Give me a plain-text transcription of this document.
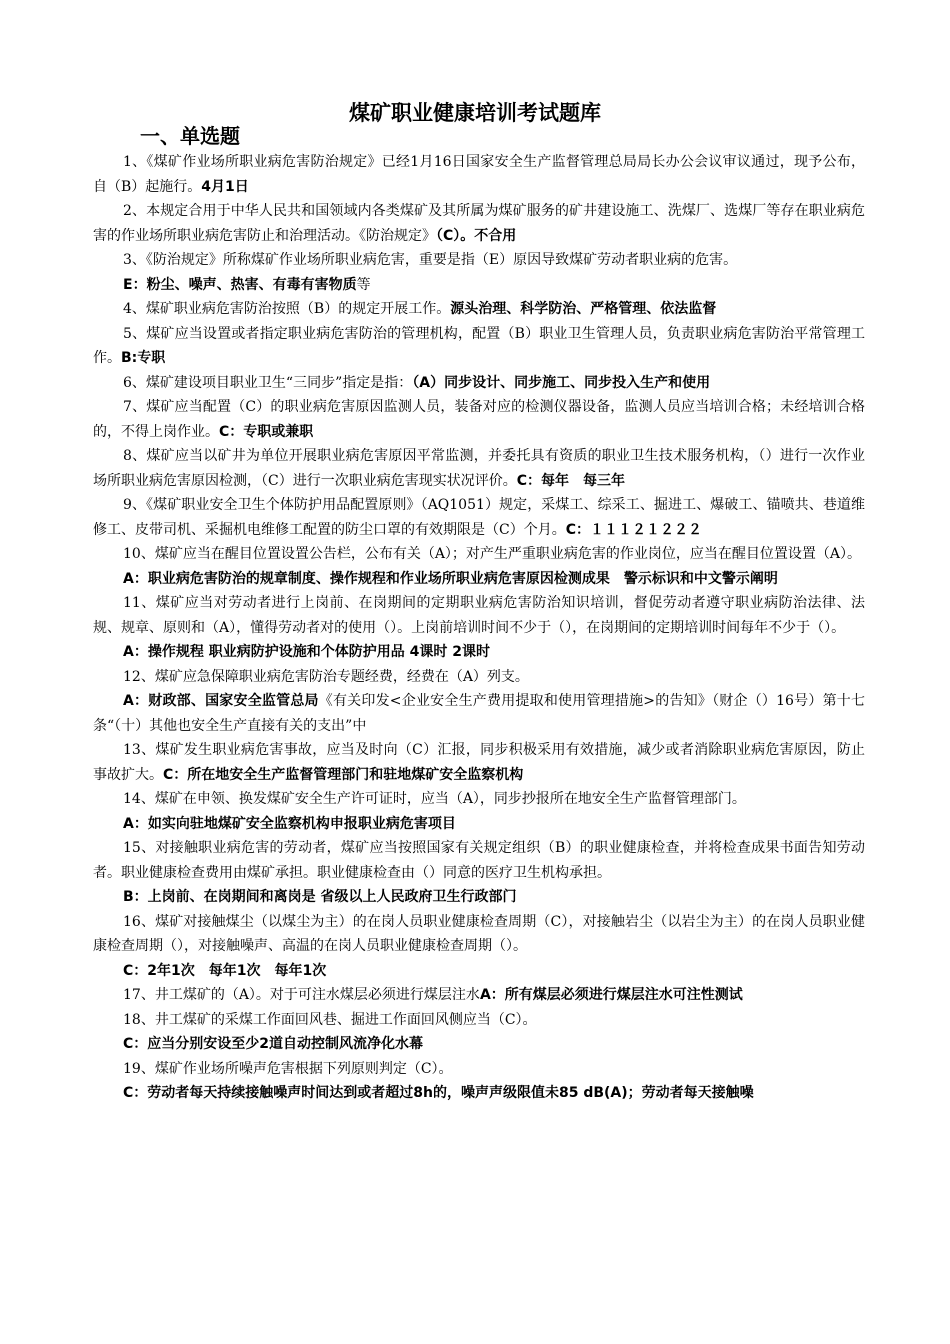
煤矿职业健康培训考试题库
一、单选题

1、《煤矿作业场所职业病危害防治规定》已经1月16日国家安全生产监督管理总局局长办公会议审议通过，现予公布，自（B）起施行。4月1日

2、本规定合用于中华人民共和国领域内各类煤矿及其所属为煤矿服务的矿井建设施工、洗煤厂、选煤厂等存在职业病危害的作业场所职业病危害防止和治理活动。《防治规定》（C）。不合用

3、《防治规定》所称煤矿作业场所职业病危害，重要是指（E）原因导致煤矿劳动者职业病的危害。

E：粉尘、噪声、热害、有毒有害物质等

4、煤矿职业病危害防治按照（B）的规定开展工作。源头治理、科学防治、严格管理、依法监督

5、煤矿应当设置或者指定职业病危害防治的管理机构，配置（B）职业卫生管理人员，负责职业病危害防治平常管理工作。B:专职

6、煤矿建设项目职业卫生“三同步”指定是指：（A）同步设计、同步施工、同步投入生产和使用

7、煤矿应当配置（C）的职业病危害原因监测人员，装备对应的检测仪器设备，监测人员应当培训合格；未经培训合格的，不得上岗作业。C：专职或兼职

8、煤矿应当以矿井为单位开展职业病危害原因平常监测，并委托具有资质的职业卫生技术服务机构，（）进行一次作业场所职业病危害原因检测，（C）进行一次职业病危害现实状况评价。C：每年　每三年

9、《煤矿职业安全卫生个体防护用品配置原则》（AQ1051）规定，采煤工、综采工、掘进工、爆破工、锚喷共、巷道维修工、皮带司机、采掘机电维修工配置的防尘口罩的有效期限是（C）个月。C：１１１２１２２２

10、煤矿应当在醒目位置设置公告栏，公布有关（A）；对产生严重职业病危害的作业岗位，应当在醒目位置设置（A）。

A：职业病危害防治的规章制度、操作规程和作业场所职业病危害原因检测成果　警示标识和中文警示阐明

11、煤矿应当对劳动者进行上岗前、在岗期间的定期职业病危害防治知识培训，督促劳动者遵守职业病防治法律、法规、规章、原则和（A），懂得劳动者对的使用（）。上岗前培训时间不少于（），在岗期间的定期培训时间每年不少于（）。

A：操作规程 职业病防护设施和个体防护用品 4课时 2课时

12、煤矿应急保障职业病危害防治专题经费，经费在（A）列支。

A：财政部、国家安全监管总局《有关印发<企业安全生产费用提取和使用管理措施>的告知》（财企（）16号）第十七条“（十）其他也安全生产直接有关的支出”中

13、煤矿发生职业病危害事故，应当及时向（C）汇报，同步积极采用有效措施，减少或者消除职业病危害原因，防止事故扩大。C：所在地安全生产监督管理部门和驻地煤矿安全监察机构

14、煤矿在申领、换发煤矿安全生产许可证时，应当（A），同步抄报所在地安全生产监督管理部门。

A：如实向驻地煤矿安全监察机构申报职业病危害项目

15、对接触职业病危害的劳动者，煤矿应当按照国家有关规定组织（B）的职业健康检查，并将检查成果书面告知劳动者。职业健康检查费用由煤矿承担。职业健康检查由（）同意的医疗卫生机构承担。

B：上岗前、在岗期间和离岗是 省级以上人民政府卫生行政部门

16、煤矿对接触煤尘（以煤尘为主）的在岗人员职业健康检查周期（C），对接触岩尘（以岩尘为主）的在岗人员职业健康检查周期（），对接触噪声、高温的在岗人员职业健康检查周期（）。

C：2年1次　每年1次　每年1次

17、井工煤矿的（A）。对于可注水煤层必须进行煤层注水A：所有煤层必须进行煤层注水可注性测试

18、井工煤矿的采煤工作面回风巷、掘进工作面回风侧应当（C）。

C：应当分别安设至少2道自动控制风流净化水幕

19、煤矿作业场所噪声危害根据下列原则判定（C）。

C：劳动者每天持续接触噪声时间达到或者超过8h的，噪声声级限值未85 dB(A)；劳动者每天接触噪
